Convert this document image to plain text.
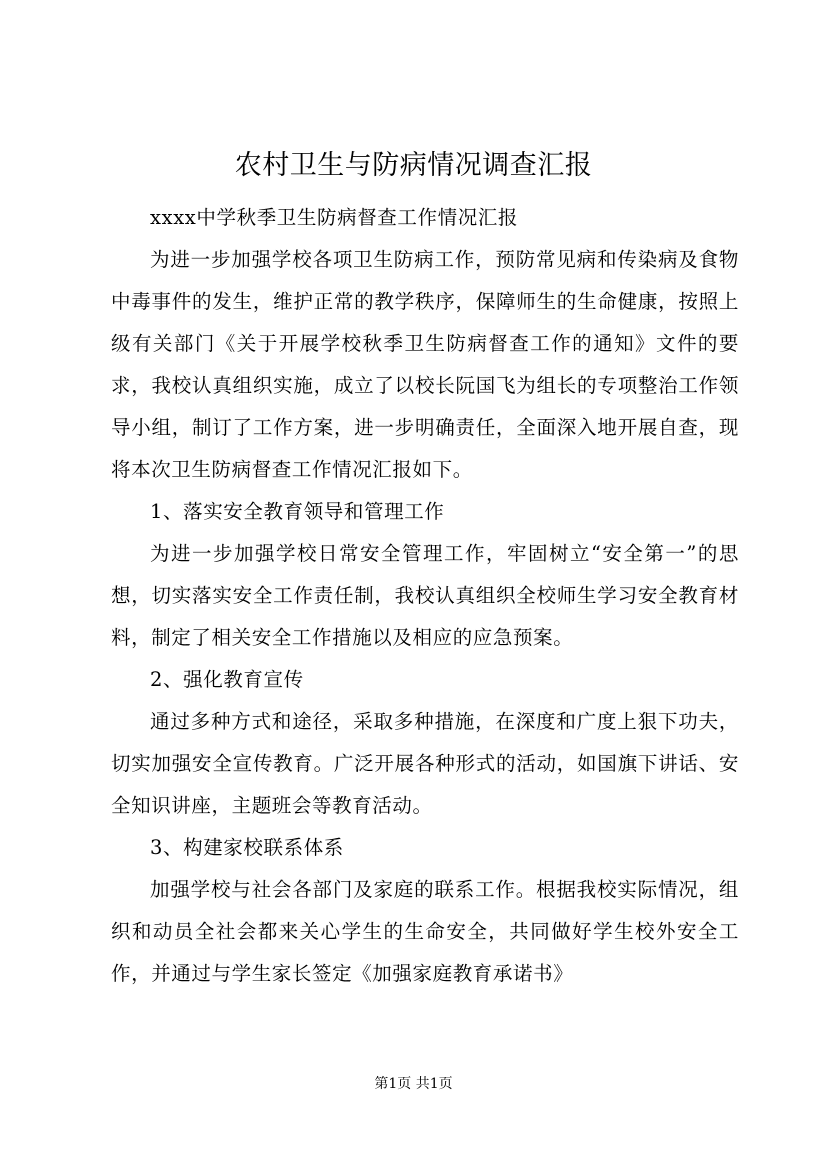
农村卫生与防病情况调查汇报

xxxx中学秋季卫生防病督查工作情况汇报

为进一步加强学校各项卫生防病工作，预防常见病和传染病及食物中毒事件的发生，维护正常的教学秩序，保障师生的生命健康，按照上级有关部门《关于开展学校秋季卫生防病督查工作的通知》文件的要求，我校认真组织实施，成立了以校长阮国飞为组长的专项整治工作领导小组，制订了工作方案，进一步明确责任，全面深入地开展自查，现将本次卫生防病督查工作情况汇报如下。

1、落实安全教育领导和管理工作

为进一步加强学校日常安全管理工作，牢固树立“安全第一”的思想，切实落实安全工作责任制，我校认真组织全校师生学习安全教育材料，制定了相关安全工作措施以及相应的应急预案。

2、强化教育宣传

通过多种方式和途径，采取多种措施，在深度和广度上狠下功夫，切实加强安全宣传教育。广泛开展各种形式的活动，如国旗下讲话、安全知识讲座，主题班会等教育活动。

3、构建家校联系体系

加强学校与社会各部门及家庭的联系工作。根据我校实际情况，组织和动员全社会都来关心学生的生命安全，共同做好学生校外安全工作，并通过与学生家长签定《加强家庭教育承诺书》

第1页 共1页
